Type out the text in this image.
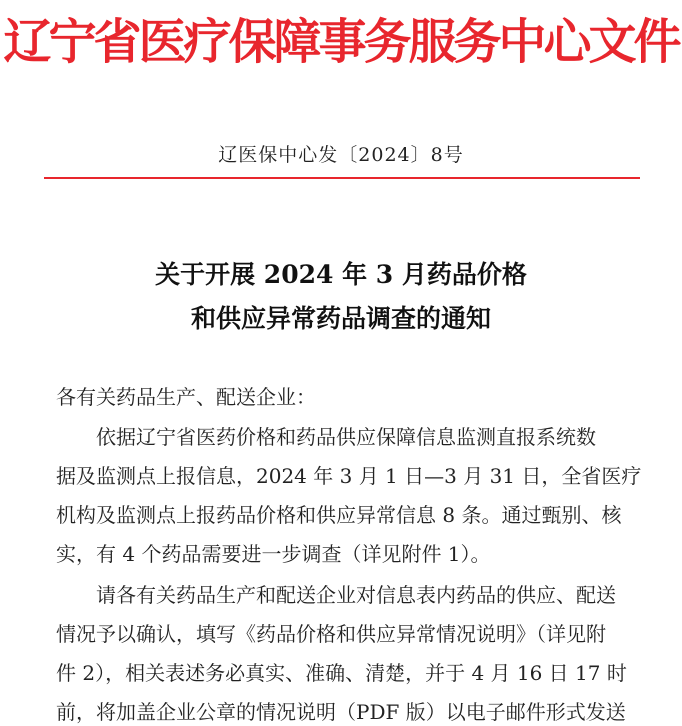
辽宁省医疗保障事务服务中心文件
辽医保中心发〔2024〕8号
关于开展 2024 年 3 月药品价格
和供应异常药品调查的通知
各有关药品生产、配送企业：
依据辽宁省医药价格和药品供应保障信息监测直报系统数
据及监测点上报信息，2024 年 3 月 1 日—3 月 31 日，全省医疗
机构及监测点上报药品价格和供应异常信息 8 条。通过甄别、核
实，有 4 个药品需要进一步调查（详见附件 1）。
请各有关药品生产和配送企业对信息表内药品的供应、配送
情况予以确认，填写《药品价格和供应异常情况说明》（详见附
件 2），相关表述务必真实、准确、清楚，并于 4 月 16 日 17 时
前，将加盖企业公章的情况说明（PDF 版）以电子邮件形式发送
